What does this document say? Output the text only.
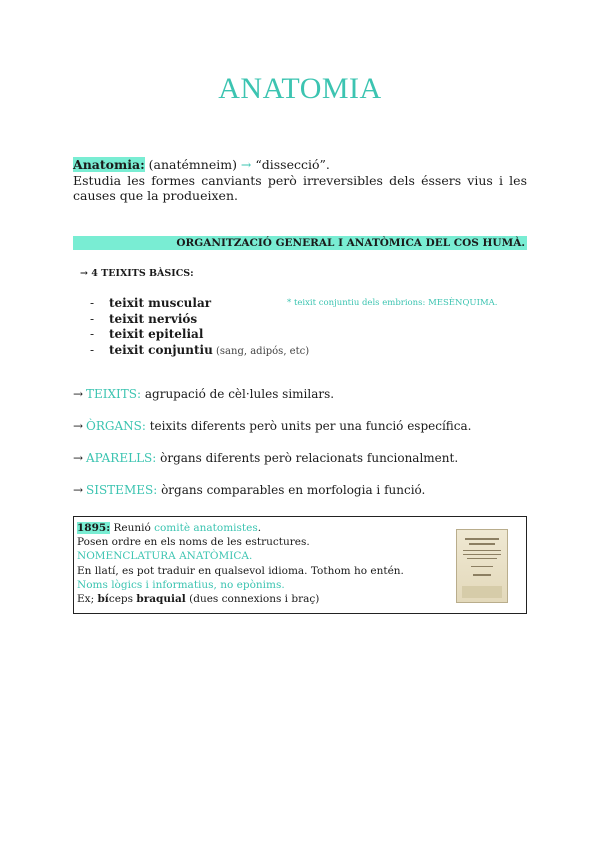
ANATOMIA

Anatomia: (anatémneim) → “dissecció”.

Estudia les formes canviants però irreversibles dels éssers vius i les causes que la produeixen.

ORGANITZACIÓ GENERAL I ANATÒMICA DEL COS HUMÀ.
→ 4 TEIXITS BÀSICS:
- teixit muscular
- teixit nerviós
- teixit epitelial
- teixit conjuntiu (sang, adipós, etc)
* teixit conjuntiu dels embrions: MESÈNQUIMA.
→ TEIXITS: agrupació de cèl·lules similars.
→ ÒRGANS: teixits diferents però units per una funció específica.
→ APARELLS: òrgans diferents però relacionats funcionalment.
→ SISTEMES: òrgans comparables en morfologia i funció.
1895: Reunió comitè anatomistes.
Posen ordre en els noms de les estructures.
NOMENCLATURA ANATÒMICA.
En llatí, es pot traduir en qualsevol idioma. Tothom ho entén.
Noms lògics i informatius, no epònims.
Ex; bíceps braquial (dues connexions i braç)
